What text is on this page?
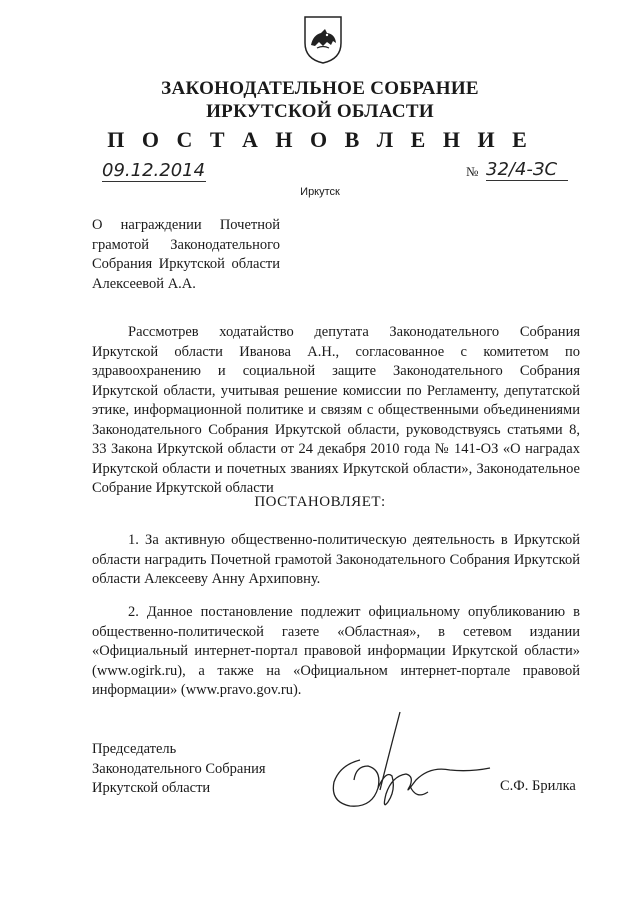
ЗАКОНОДАТЕЛЬНОЕ СОБРАНИЕ
ИРКУТСКОЙ ОБЛАСТИ
П О С Т А Н О В Л Е Н И Е
09.12.2014	№ 32/4-ЗС
Иркутск
О награждении Почетной грамотой Законодательного Собрания Иркутской области Алексеевой А.А.
Рассмотрев ходатайство депутата Законодательного Собрания Иркутской области Иванова А.Н., согласованное с комитетом по здравоохранению и социальной защите Законодательного Собрания Иркутской области, учитывая решение комиссии по Регламенту, депутатской этике, информационной политике и связям с общественными объединениями Законодательного Собрания Иркутской области, руководствуясь статьями 8, 33 Закона Иркутской области от 24 декабря 2010 года № 141-ОЗ «О наградах Иркутской области и почетных званиях Иркутской области», Законодательное Собрание Иркутской области
ПОСТАНОВЛЯЕТ:
1. За активную общественно-политическую деятельность в Иркутской области наградить Почетной грамотой Законодательного Собрания Иркутской области Алексееву Анну Архиповну.
2. Данное постановление подлежит официальному опубликованию в общественно-политической газете «Областная», в сетевом издании «Официальный интернет-портал правовой информации Иркутской области» (www.ogirk.ru), а также на «Официальном интернет-портале правовой информации» (www.pravo.gov.ru).
Председатель
Законодательного Собрания
Иркутской области	С.Ф. Брилка
